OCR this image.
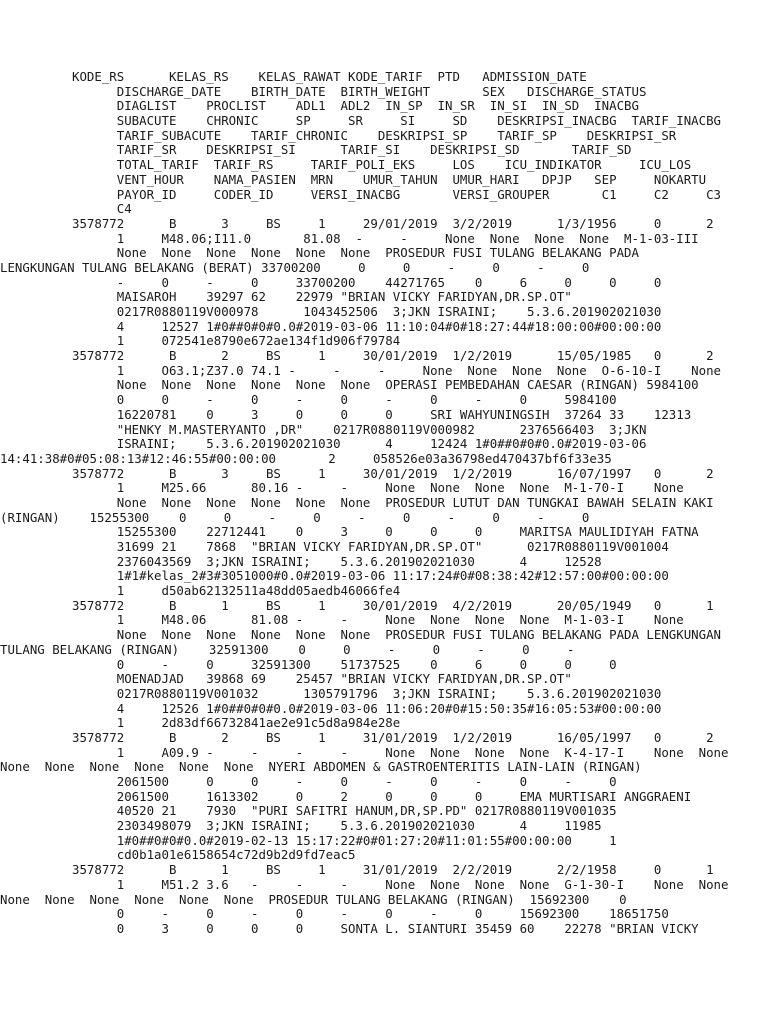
KODE_RS      KELAS_RS    KELAS_RAWAT KODE_TARIF  PTD   ADMISSION_DATE
DISCHARGE_DATE    BIRTH_DATE  BIRTH_WEIGHT       SEX   DISCHARGE_STATUS
DIAGLIST    PROCLIST    ADL1  ADL2  IN_SP  IN_SR  IN_SI  IN_SD  INACBG
SUBACUTE    CHRONIC     SP     SR     SI     SD    DESKRIPSI_INACBG  TARIF_INACBG
TARIF_SUBACUTE    TARIF_CHRONIC    DESKRIPSI_SP    TARIF_SP    DESKRIPSI_SR
TARIF_SR    DESKRIPSI_SI      TARIF_SI    DESKRIPSI_SD       TARIF_SD
TOTAL_TARIF  TARIF_RS     TARIF_POLI_EKS     LOS    ICU_INDIKATOR     ICU_LOS
VENT_HOUR    NAMA_PASIEN  MRN    UMUR_TAHUN  UMUR_HARI   DPJP   SEP     NOKARTU
PAYOR_ID     CODER_ID     VERSI_INACBG       VERSI_GROUPER       C1     C2     C3
C4
3578772      B      3     BS     1     29/01/2019  3/2/2019      1/3/1956     0      2
1     M48.06;I11.0       81.08  -     -     None  None  None  None  M-1-03-III
None  None  None  None  None  None  PROSEDUR FUSI TULANG BELAKANG PADA
LENGKUNGAN TULANG BELAKANG (BERAT) 33700200     0     0     -     0     -     0
-     0     -     0     33700200    44271765    0     6     0     0     0
MAISAROH    39297 62    22979 "BRIAN VICKY FARIDYAN,DR.SP.OT"
0217R0880119V000978      1043452506  3;JKN ISRAINI;    5.3.6.201902021030
4     12527 1#0##0#0#0.0#2019-03-06 11:10:04#0#18:27:44#18:00:00#00:00:00
1     072541e8790e672ae134f1d906f79784
3578772      B      2     BS     1     30/01/2019  1/2/2019      15/05/1985   0      2
1     O63.1;Z37.0 74.1 -     -     -     None  None  None  None  O-6-10-I    None
None  None  None  None  None  None  OPERASI PEMBEDAHAN CAESAR (RINGAN) 5984100
0     0     -     0     -     0     -     0     -     0     5984100
16220781    0     3     0     0     0     SRI WAHYUNINGSIH  37264 33    12313
"HENKY M.MASTERYANTO ,DR"    0217R0880119V000982      2376566403  3;JKN
ISRAINI;    5.3.6.201902021030      4     12424 1#0##0#0#0.0#2019-03-06
14:41:38#0#05:08:13#12:46:55#00:00:00       2     058526e03a36798ed470437bf6f33e35
3578772      B      3     BS     1     30/01/2019  1/2/2019      16/07/1997   0      2
1     M25.66      80.16 -     -     None  None  None  None  M-1-70-I    None
None  None  None  None  None  None  PROSEDUR LUTUT DAN TUNGKAI BAWAH SELAIN KAKI
(RINGAN)    15255300    0     0     -     0     -     0     -     0     -     0
15255300    22712441    0     3     0     0     0     MARITSA MAULIDIYAH FATNA
31699 21    7868  "BRIAN VICKY FARIDYAN,DR.SP.OT"      0217R0880119V001004
2376043569  3;JKN ISRAINI;    5.3.6.201902021030      4     12528
1#1#kelas_2#3#3051000#0.0#2019-03-06 11:17:24#0#08:38:42#12:57:00#00:00:00
1     d50ab62132511a48dd05aedb46066fe4
3578772      B      1     BS     1     30/01/2019  4/2/2019      20/05/1949   0      1
1     M48.06      81.08 -     -     None  None  None  None  M-1-03-I    None
None  None  None  None  None  None  PROSEDUR FUSI TULANG BELAKANG PADA LENGKUNGAN
TULANG BELAKANG (RINGAN)    32591300    0     0     -     0     -     0     -
0     -     0     32591300    51737525    0     6     0     0     0
MOENADJAD   39868 69    25457 "BRIAN VICKY FARIDYAN,DR.SP.OT"
0217R0880119V001032      1305791796  3;JKN ISRAINI;    5.3.6.201902021030
4     12526 1#0##0#0#0.0#2019-03-06 11:06:20#0#15:50:35#16:05:53#00:00:00
1     2d83df66732841ae2e91c5d8a984e28e
3578772      B      2     BS     1     31/01/2019  1/2/2019      16/05/1997   0      2
1     A09.9 -     -     -     -     None  None  None  None  K-4-17-I    None  None
None  None  None  None  None  None  NYERI ABDOMEN & GASTROENTERITIS LAIN-LAIN (RINGAN)
2061500     0     0     -     0     -     0     -     0     -     0
2061500     1613302     0     2     0     0     0     EMA MURTISARI ANGGRAENI
40520 21    7930  "PURI SAFITRI HANUM,DR,SP.PD" 0217R0880119V001035
2303498079  3;JKN ISRAINI;    5.3.6.201902021030      4     11985
1#0##0#0#0.0#2019-02-13 15:17:22#0#01:27:20#11:01:55#00:00:00     1
cd0b1a01e6158654c72d9b2d9fd7eac5
3578772      B      1     BS     1     31/01/2019  2/2/2019      2/2/1958     0      1
1     M51.2 3.6   -     -     -     None  None  None  None  G-1-30-I    None  None
None  None  None  None  None  None  PROSEDUR TULANG BELAKANG (RINGAN)  15692300    0
0     -     0     -     0     -     0     -     0     15692300    18651750
0     3     0     0     0     SONTA L. SIANTURI 35459 60    22278 "BRIAN VICKY
